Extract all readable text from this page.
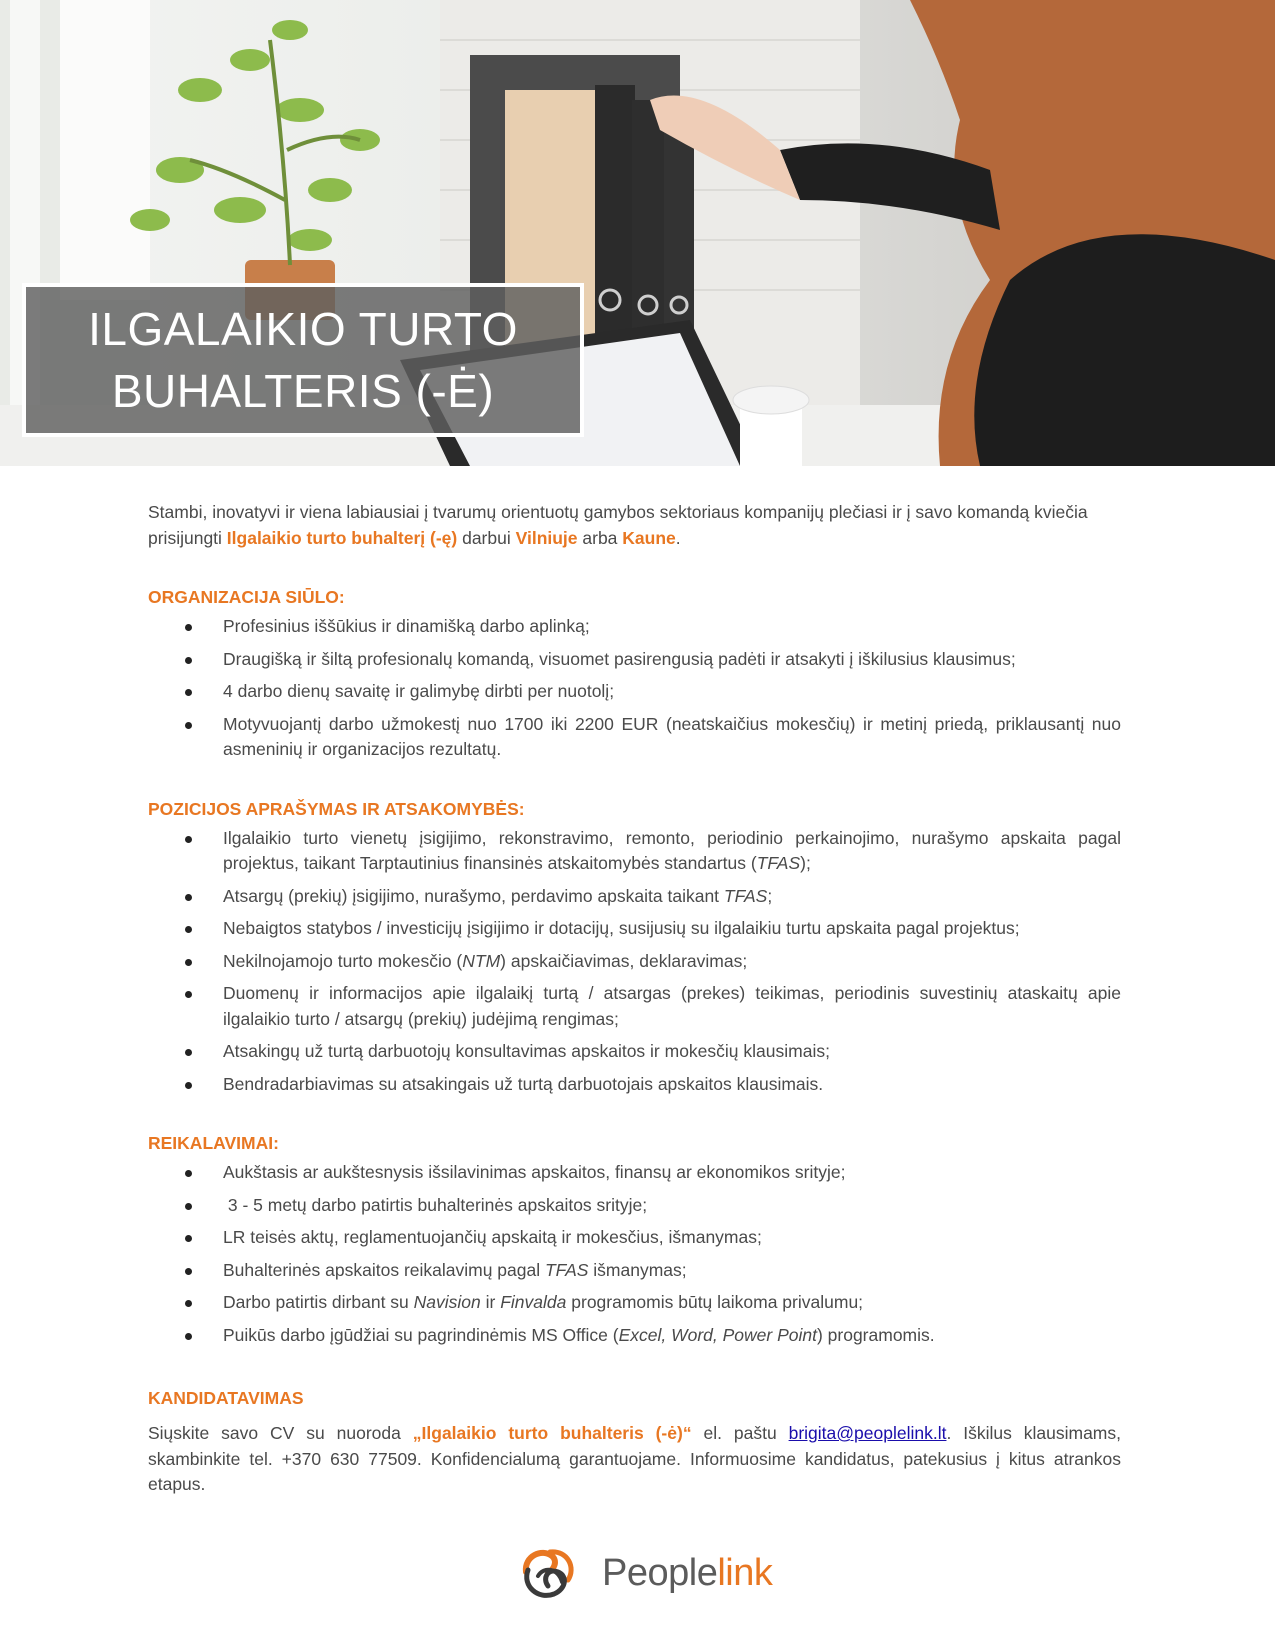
ILGALAIKIO TURTO
BUHALTERIS (-Ė)

Stambi, inovatyvi ir viena labiausiai į tvarumų orientuotų gamybos sektoriaus kompanijų plečiasi ir į savo komandą kviečia prisijungti Ilgalaikio turto buhalterį (-ę) darbui Vilniuje arba Kaune.

ORGANIZACIJA SIŪLO:
Profesinius iššūkius ir dinamišką darbo aplinką;
Draugišką ir šiltą profesionalų komandą, visuomet pasirengusią padėti ir atsakyti į iškilusius klausimus;
4 darbo dienų savaitę ir galimybę dirbti per nuotolį;
Motyvuojantį darbo užmokestį nuo 1700 iki 2200 EUR (neatskaičius mokesčių) ir metinį priedą, priklausantį nuo asmeninių ir organizacijos rezultatų.
POZICIJOS APRAŠYMAS IR ATSAKOMYBĖS:
Ilgalaikio turto vienetų įsigijimo, rekonstravimo, remonto, periodinio perkainojimo, nurašymo apskaita pagal projektus, taikant Tarptautinius finansinės atskaitomybės standartus (TFAS);
Atsargų (prekių) įsigijimo, nurašymo, perdavimo apskaita taikant TFAS;
Nebaigtos statybos / investicijų įsigijimo ir dotacijų, susijusių su ilgalaikiu turtu apskaita pagal projektus;
Nekilnojamojo turto mokesčio (NTM) apskaičiavimas, deklaravimas;
Duomenų ir informacijos apie ilgalaikį turtą / atsargas (prekes) teikimas, periodinis suvestinių ataskaitų apie ilgalaikio turto / atsargų (prekių) judėjimą rengimas;
Atsakingų už turtą darbuotojų konsultavimas apskaitos ir mokesčių klausimais;
Bendradarbiavimas su atsakingais už turtą darbuotojais apskaitos klausimais.
REIKALAVIMAI:
Aukštasis ar aukštesnysis išsilavinimas apskaitos, finansų ar ekonomikos srityje;
3 - 5 metų darbo patirtis buhalterinės apskaitos srityje;
LR teisės aktų, reglamentuojančių apskaitą ir mokesčius, išmanymas;
Buhalterinės apskaitos reikalavimų pagal TFAS išmanymas;
Darbo patirtis dirbant su Navision ir Finvalda programomis būtų laikoma privalumu;
Puikūs darbo įgūdžiai su pagrindinėmis MS Office (Excel, Word, Power Point) programomis.
KANDIDATAVIMAS

Siųskite savo CV su nuoroda „Ilgalaikio turto buhalteris (-ė)“ el. paštu brigita@peoplelink.lt. Iškilus klausimams, skambinkite tel. +370 630 77509. Konfidencialumą garantuojame. Informuosime kandidatus, patekusius į kitus atrankos etapus.

Peoplelink
